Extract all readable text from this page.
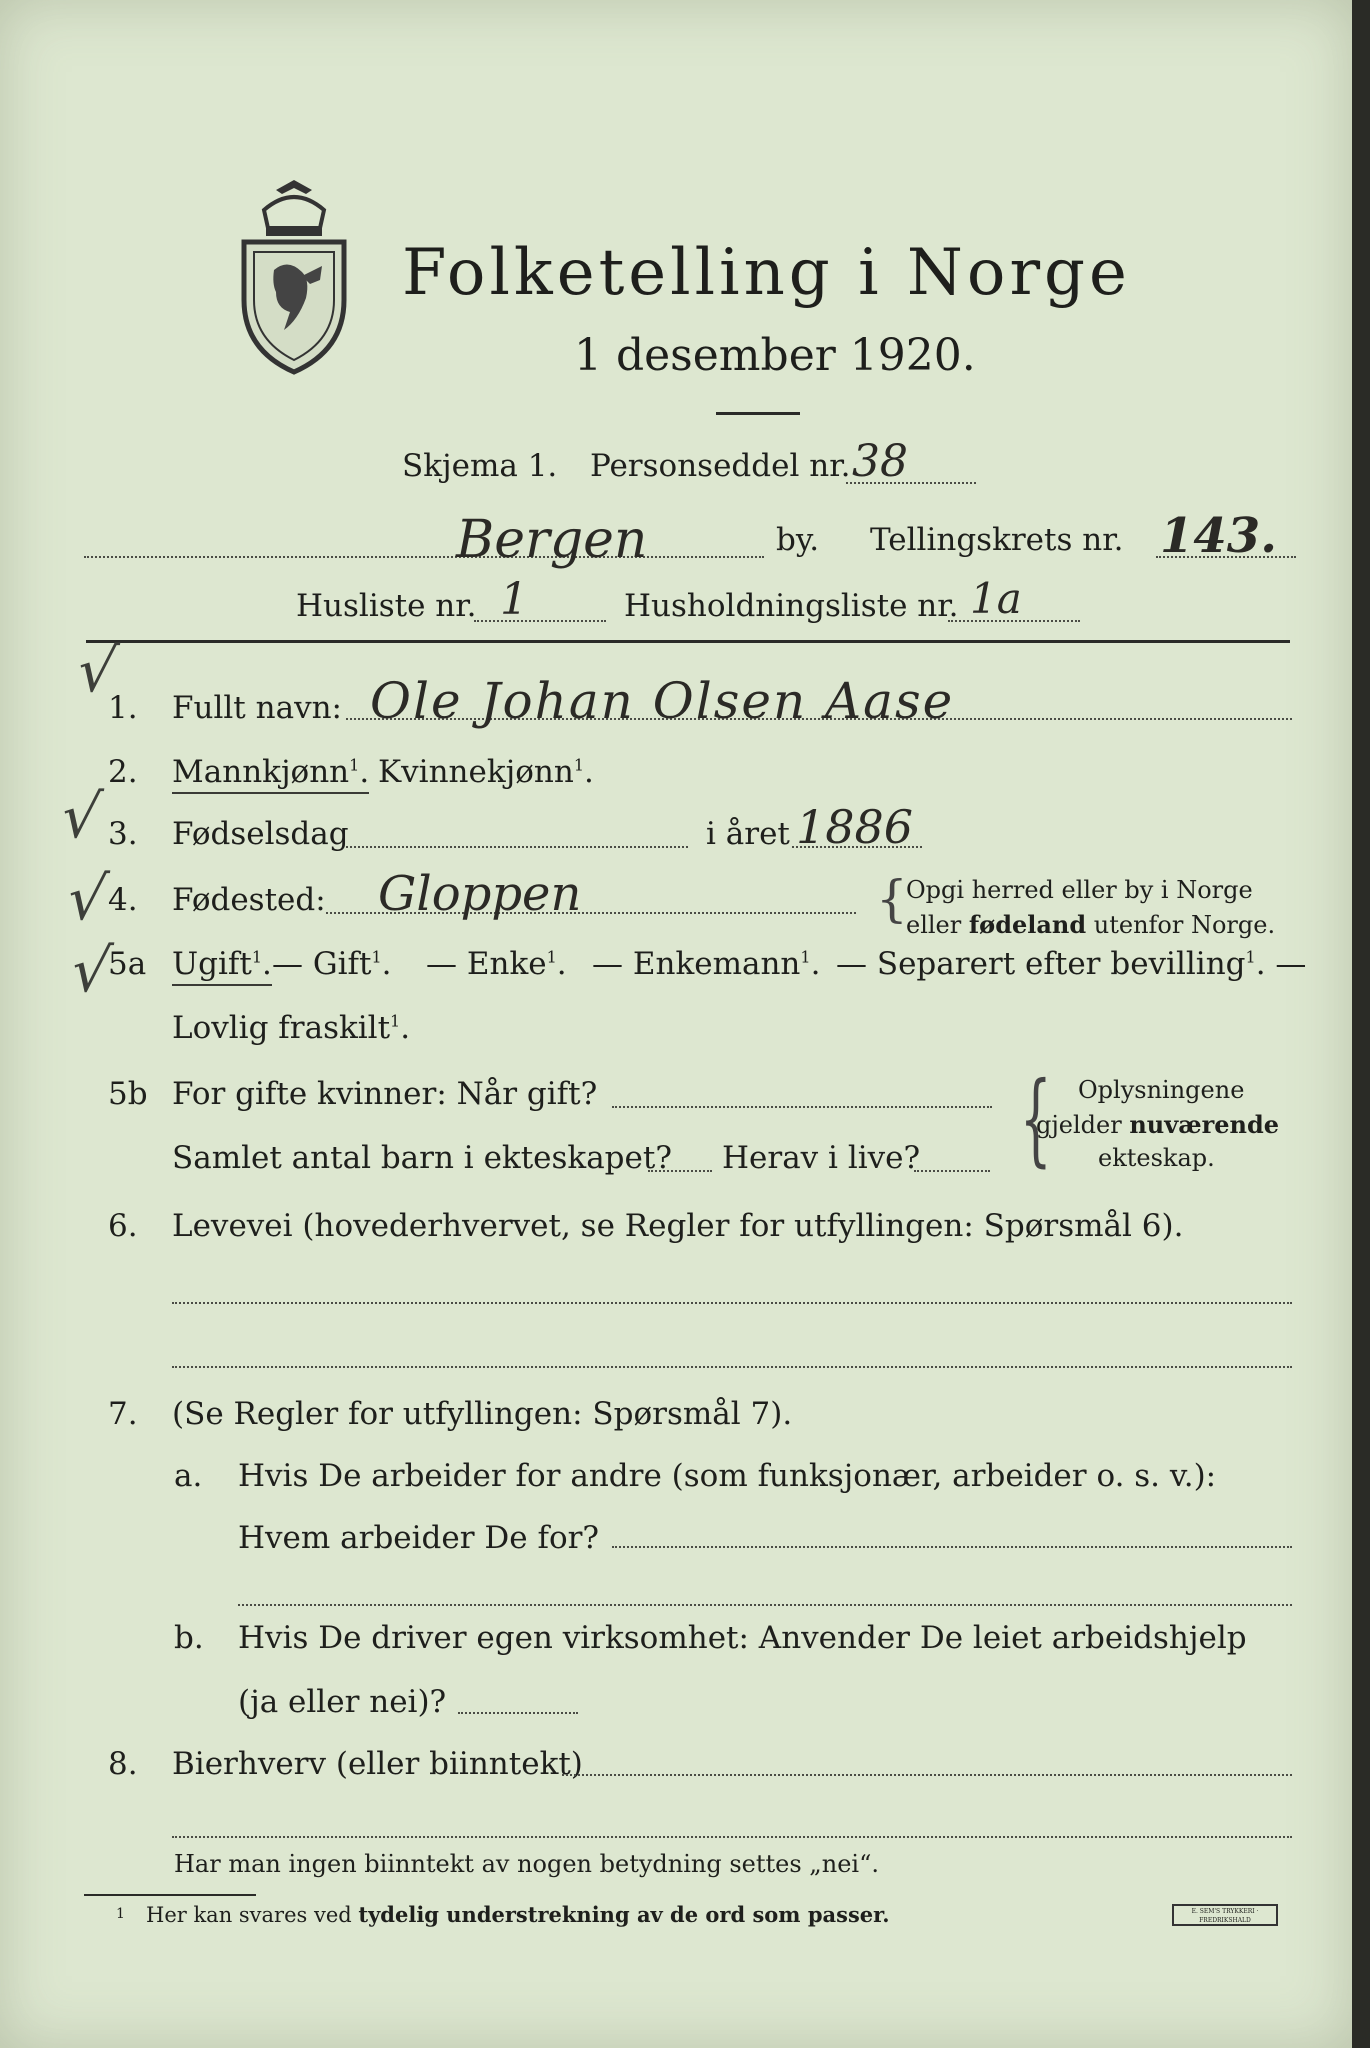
Folketelling i Norge
1 desember 1920.
Skjema 1. Personseddel nr. 38
Bergen	by. Tellingskrets nr. 143.
Husliste nr. 1	Husholdningsliste nr. 1a
√
√
√
√
1. Fullt navn: Ole Johan Olsen Aase
2. Mannkjønn$^1$. Kvinnekjønn$^1$.
3. Fødselsdag	i året 1886
4. Fødested: Gloppen	{
Opgi herred eller by i Norge
eller fødeland utenfor Norge.
5a Ugift$^1$. — Gift$^1$. — Enke$^1$. — Enkemann$^1$. — Separert efter bevilling$^1$. —
Lovlig fraskilt$^1$.
5b For gifte kvinner: Når gift?
Samlet antal barn i ekteskapet? Herav i live? { Oplysningene
gjelder nuværende
ekteskap.
6. Levevei (hovederhvervet, se Regler for utfyllingen: Spørsmål 6).
7. (Se Regler for utfyllingen: Spørsmål 7).
a. Hvis De arbeider for andre (som funksjonær, arbeider o. s. v.):
Hvem arbeider De for?
b. Hvis De driver egen virksomhet: Anvender De leiet arbeidshjelp
(ja eller nei)?
8. Bierhverv (eller biinntekt)
Har man ingen biinntekt av nogen betydning settes „nei“.
1 Her kan svares ved tydelig understrekning av de ord som passer.	E. SEM'S TRYKKERI · FREDRIKSHALD
